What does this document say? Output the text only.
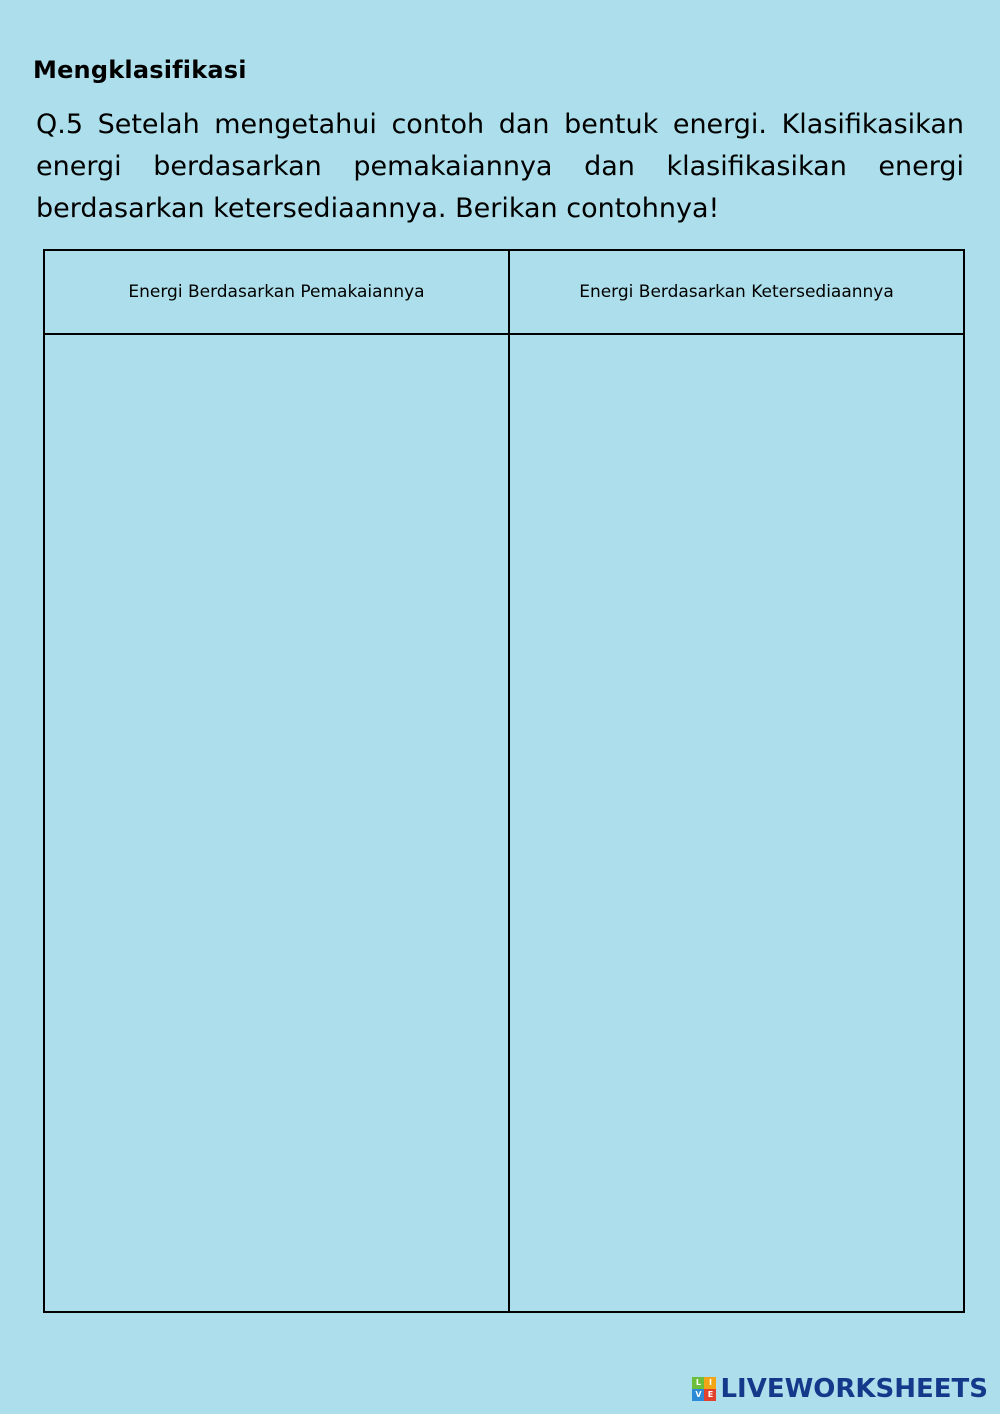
Mengklasifikasi

Q.5 Setelah mengetahui contoh dan bentuk energi. Klasifikasikan energi berdasarkan pemakaiannya dan klasifikasikan energi berdasarkan ketersediaannya. Berikan contohnya!

Energi Berdasarkan Pemakaiannya	Energi Berdasarkan Ketersediaannya

L I
V E LIVEWORKSHEETS
